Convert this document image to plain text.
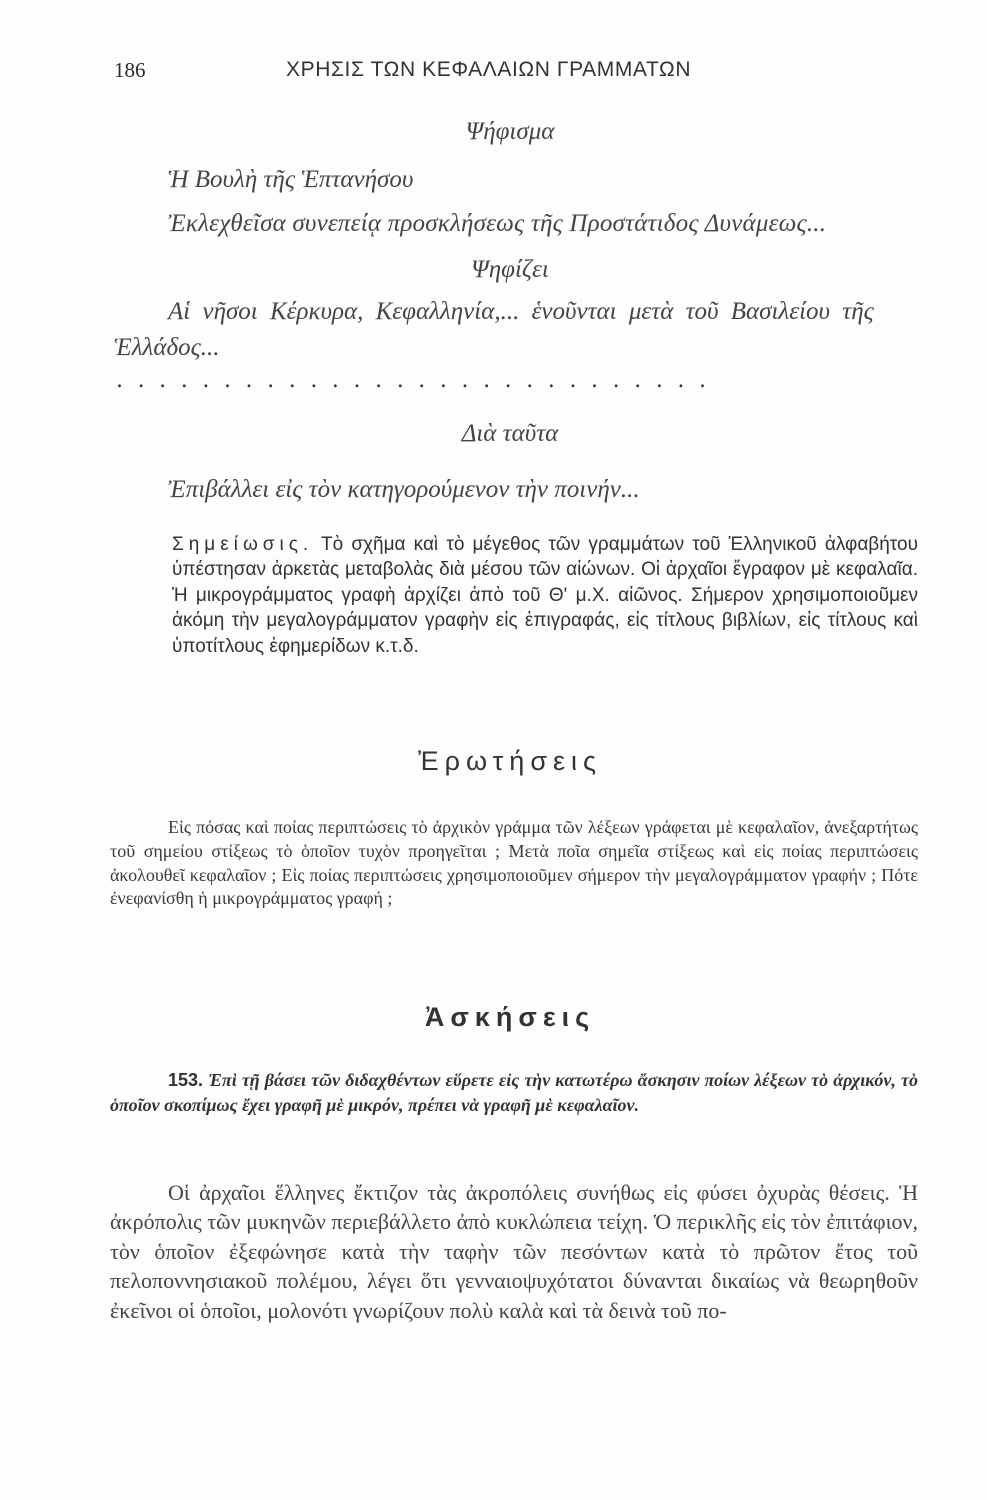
186	ΧΡΗΣΙΣ ΤΩΝ ΚΕΦΑΛΑΙΩΝ ΓΡΑΜΜΑΤΩΝ
Ψήφισμα
Ἡ Βουλὴ τῆς Ἑπτανήσου
Ἐκλεχθεῖσα συνεπείᾳ προσκλήσεως τῆς Προστάτιδος Δυνάμεως...
Ψηφίζει
Αἱ νῆσοι Κέρκυρα, Κεφαλληνία,... ἑνοῦνται μετὰ τοῦ Βασιλείου τῆς
Ἑλλάδος...
............................
Διὰ ταῦτα
Ἐπιβάλλει εἰς τὸν κατηγορούμενον τὴν ποινήν...

Σημείωσις. Τὸ σχῆμα καὶ τὸ μέγεθος τῶν γραμμάτων τοῦ Ἑλληνικοῦ ἀλφαβήτου ὑπέστησαν ἀρκετὰς μεταβολὰς διὰ μέσου τῶν αἰώνων. Οἱ ἀρχαῖοι ἔγραφον μὲ κεφαλαῖα. Ἡ μικρογράμματος γραφὴ ἀρχίζει ἀπὸ τοῦ Θ' μ.Χ. αἰῶνος. Σήμερον χρησιμοποιοῦμεν ἀκόμη τὴν μεγαλογράμματον γραφὴν εἰς ἐπιγραφάς, εἰς τίτλους βιβλίων, εἰς τίτλους καὶ ὑποτίτλους ἐφημερίδων κ.τ.δ.

Ἐρωτήσεις

Εἰς πόσας καὶ ποίας περιπτώσεις τὸ ἀρχικὸν γράμμα τῶν λέξεων γράφεται μὲ κεφαλαῖον, ἀνεξαρτήτως τοῦ σημείου στίξεως τὸ ὁποῖον τυχὸν προηγεῖται ; Μετὰ ποῖα σημεῖα στίξεως καὶ εἰς ποίας περιπτώσεις ἀκολουθεῖ κεφαλαῖον ; Εἰς ποίας περιπτώσεις χρησιμοποιοῦμεν σήμερον τὴν μεγαλογράμματον γραφήν ; Πότε ἐνεφανίσθη ἡ μικρογράμματος γραφή ;

Ἀσκήσεις

153. Ἐπὶ τῇ βάσει τῶν διδαχθέντων εὕρετε εἰς τὴν κατωτέρω ἄσκησιν ποίων λέξεων τὸ ἀρχικόν, τὸ ὁποῖον σκοπίμως ἔχει γραφῆ μὲ μικρόν, πρέπει νὰ γραφῆ μὲ κεφαλαῖον.

Οἱ ἀρχαῖοι ἕλληνες ἔκτιζον τὰς ἀκροπόλεις συνήθως εἰς φύσει ὀχυρὰς θέσεις. Ἡ ἀκρόπολις τῶν μυκηνῶν περιεβάλλετο ἀπὸ κυκλώπεια τείχη. Ὁ περικλῆς εἰς τὸν ἐπιτάφιον, τὸν ὁποῖον ἐξεφώνησε κατὰ τὴν ταφὴν τῶν πεσόντων κατὰ τὸ πρῶτον ἔτος τοῦ πελοποννησιακοῦ πολέμου, λέγει ὅτι γενναιοψυχότατοι δύνανται δικαίως νὰ θεωρηθοῦν ἐκεῖνοι οἱ ὁποῖοι, μολονότι γνωρίζουν πολὺ καλὰ καὶ τὰ δεινὰ τοῦ πο-
